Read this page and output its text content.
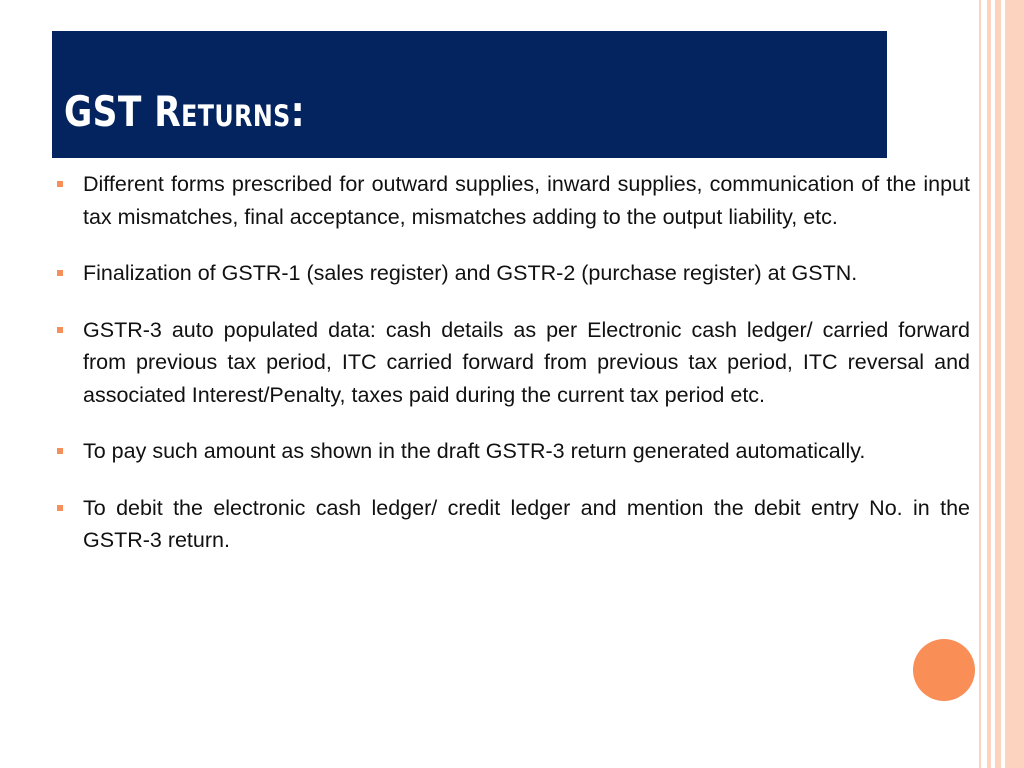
GST Returns:
Different forms prescribed for outward supplies, inward supplies, communication of the input tax mismatches, final acceptance, mismatches adding to the output liability, etc.
Finalization of GSTR-1 (sales register) and GSTR-2 (purchase register) at GSTN.
GSTR-3 auto populated data: cash details as per Electronic cash ledger/ carried forward from previous tax period, ITC carried forward from previous tax period, ITC reversal and associated Interest/Penalty, taxes paid during the current tax period etc.
To pay such amount as shown in the draft GSTR-3 return generated automatically.
To debit the electronic cash ledger/ credit ledger and mention the debit entry No. in the GSTR-3 return.
